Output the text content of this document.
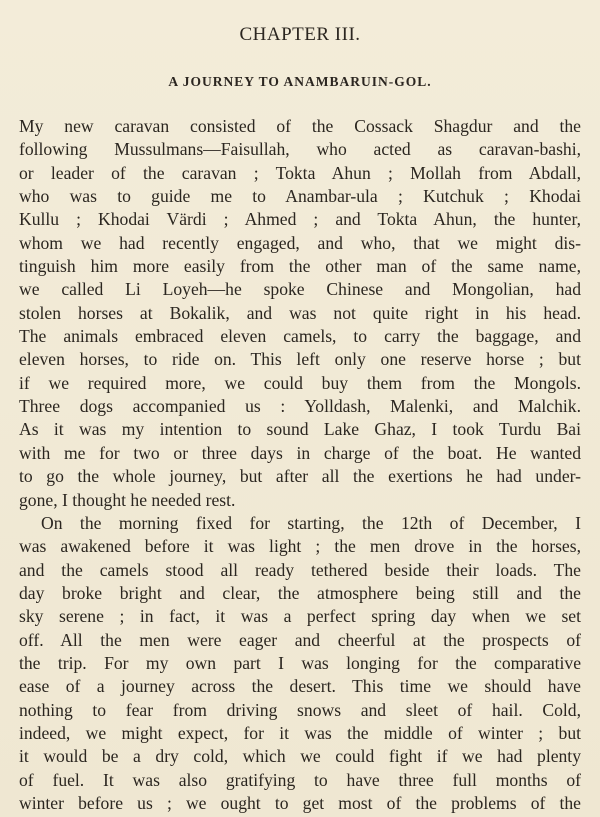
CHAPTER III.
A JOURNEY TO ANAMBARUIN-GOL.
My new caravan consisted of the Cossack Shagdur and the
following Mussulmans—Faisullah, who acted as caravan-bashi,
or leader of the caravan ; Tokta Ahun ; Mollah from Abdall,
who was to guide me to Anambar-ula ; Kutchuk ; Khodai
Kullu ; Khodai Värdi ; Ahmed ; and Tokta Ahun, the hunter,
whom we had recently engaged, and who, that we might dis-
tinguish him more easily from the other man of the same name,
we called Li Loyeh—he spoke Chinese and Mongolian, had
stolen horses at Bokalik, and was not quite right in his head.
The animals embraced eleven camels, to carry the baggage, and
eleven horses, to ride on. This left only one reserve horse ; but
if we required more, we could buy them from the Mongols.
Three dogs accompanied us : Yolldash, Malenki, and Malchik.
As it was my intention to sound Lake Ghaz, I took Turdu Bai
with me for two or three days in charge of the boat. He wanted
to go the whole journey, but after all the exertions he had under-
gone, I thought he needed rest.
On the morning fixed for starting, the 12th of December, I
was awakened before it was light ; the men drove in the horses,
and the camels stood all ready tethered beside their loads. The
day broke bright and clear, the atmosphere being still and the
sky serene ; in fact, it was a perfect spring day when we set
off. All the men were eager and cheerful at the prospects of
the trip. For my own part I was longing for the comparative
ease of a journey across the desert. This time we should have
nothing to fear from driving snows and sleet of hail. Cold,
indeed, we might expect, for it was the middle of winter ; but
it would be a dry cold, which we could fight if we had plenty
of fuel. It was also gratifying to have three full months of
winter before us ; we ought to get most of the problems of the
